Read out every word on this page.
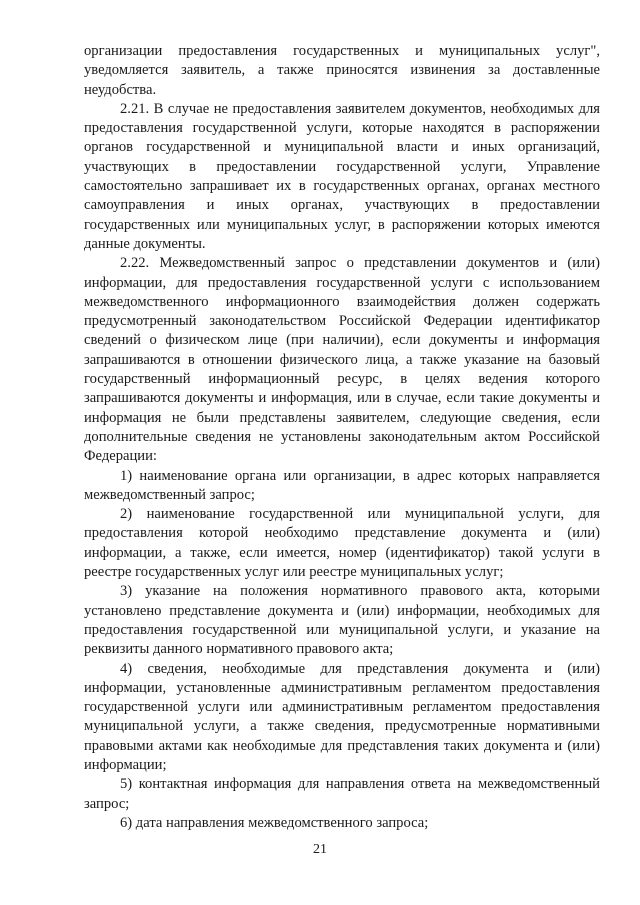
организации предоставления государственных и муниципальных услуг", уведомляется заявитель, а также приносятся извинения за доставленные неудобства.

2.21. В случае не предоставления заявителем документов, необходимых для предоставления государственной услуги, которые находятся в распоряжении органов государственной и муниципальной власти и иных организаций, участвующих в предоставлении государственной услуги, Управление самостоятельно запрашивает их в государственных органах, органах местного самоуправления и иных органах, участвующих в предоставлении государственных или муниципальных услуг, в распоряжении которых имеются данные документы.

2.22. Межведомственный запрос о представлении документов и (или) информации, для предоставления государственной услуги с использованием межведомственного информационного взаимодействия должен содержать предусмотренный законодательством Российской Федерации идентификатор сведений о физическом лице (при наличии), если документы и информация запрашиваются в отношении физического лица, а также указание на базовый государственный информационный ресурс, в целях ведения которого запрашиваются документы и информация, или в случае, если такие документы и информация не были представлены заявителем, следующие сведения, если дополнительные сведения не установлены законодательным актом Российской Федерации:

1) наименование органа или организации, в адрес которых направляется межведомственный запрос;

2) наименование государственной или муниципальной услуги, для предоставления которой необходимо представление документа и (или) информации, а также, если имеется, номер (идентификатор) такой услуги в реестре государственных услуг или реестре муниципальных услуг;

3) указание на положения нормативного правового акта, которыми установлено представление документа и (или) информации, необходимых для предоставления государственной или муниципальной услуги, и указание на реквизиты данного нормативного правового акта;

4) сведения, необходимые для представления документа и (или) информации, установленные административным регламентом предоставления государственной услуги или административным регламентом предоставления муниципальной услуги, а также сведения, предусмотренные нормативными правовыми актами как необходимые для представления таких документа и (или) информации;

5) контактная информация для направления ответа на межведомственный запрос;

6) дата направления межведомственного запроса;

21
